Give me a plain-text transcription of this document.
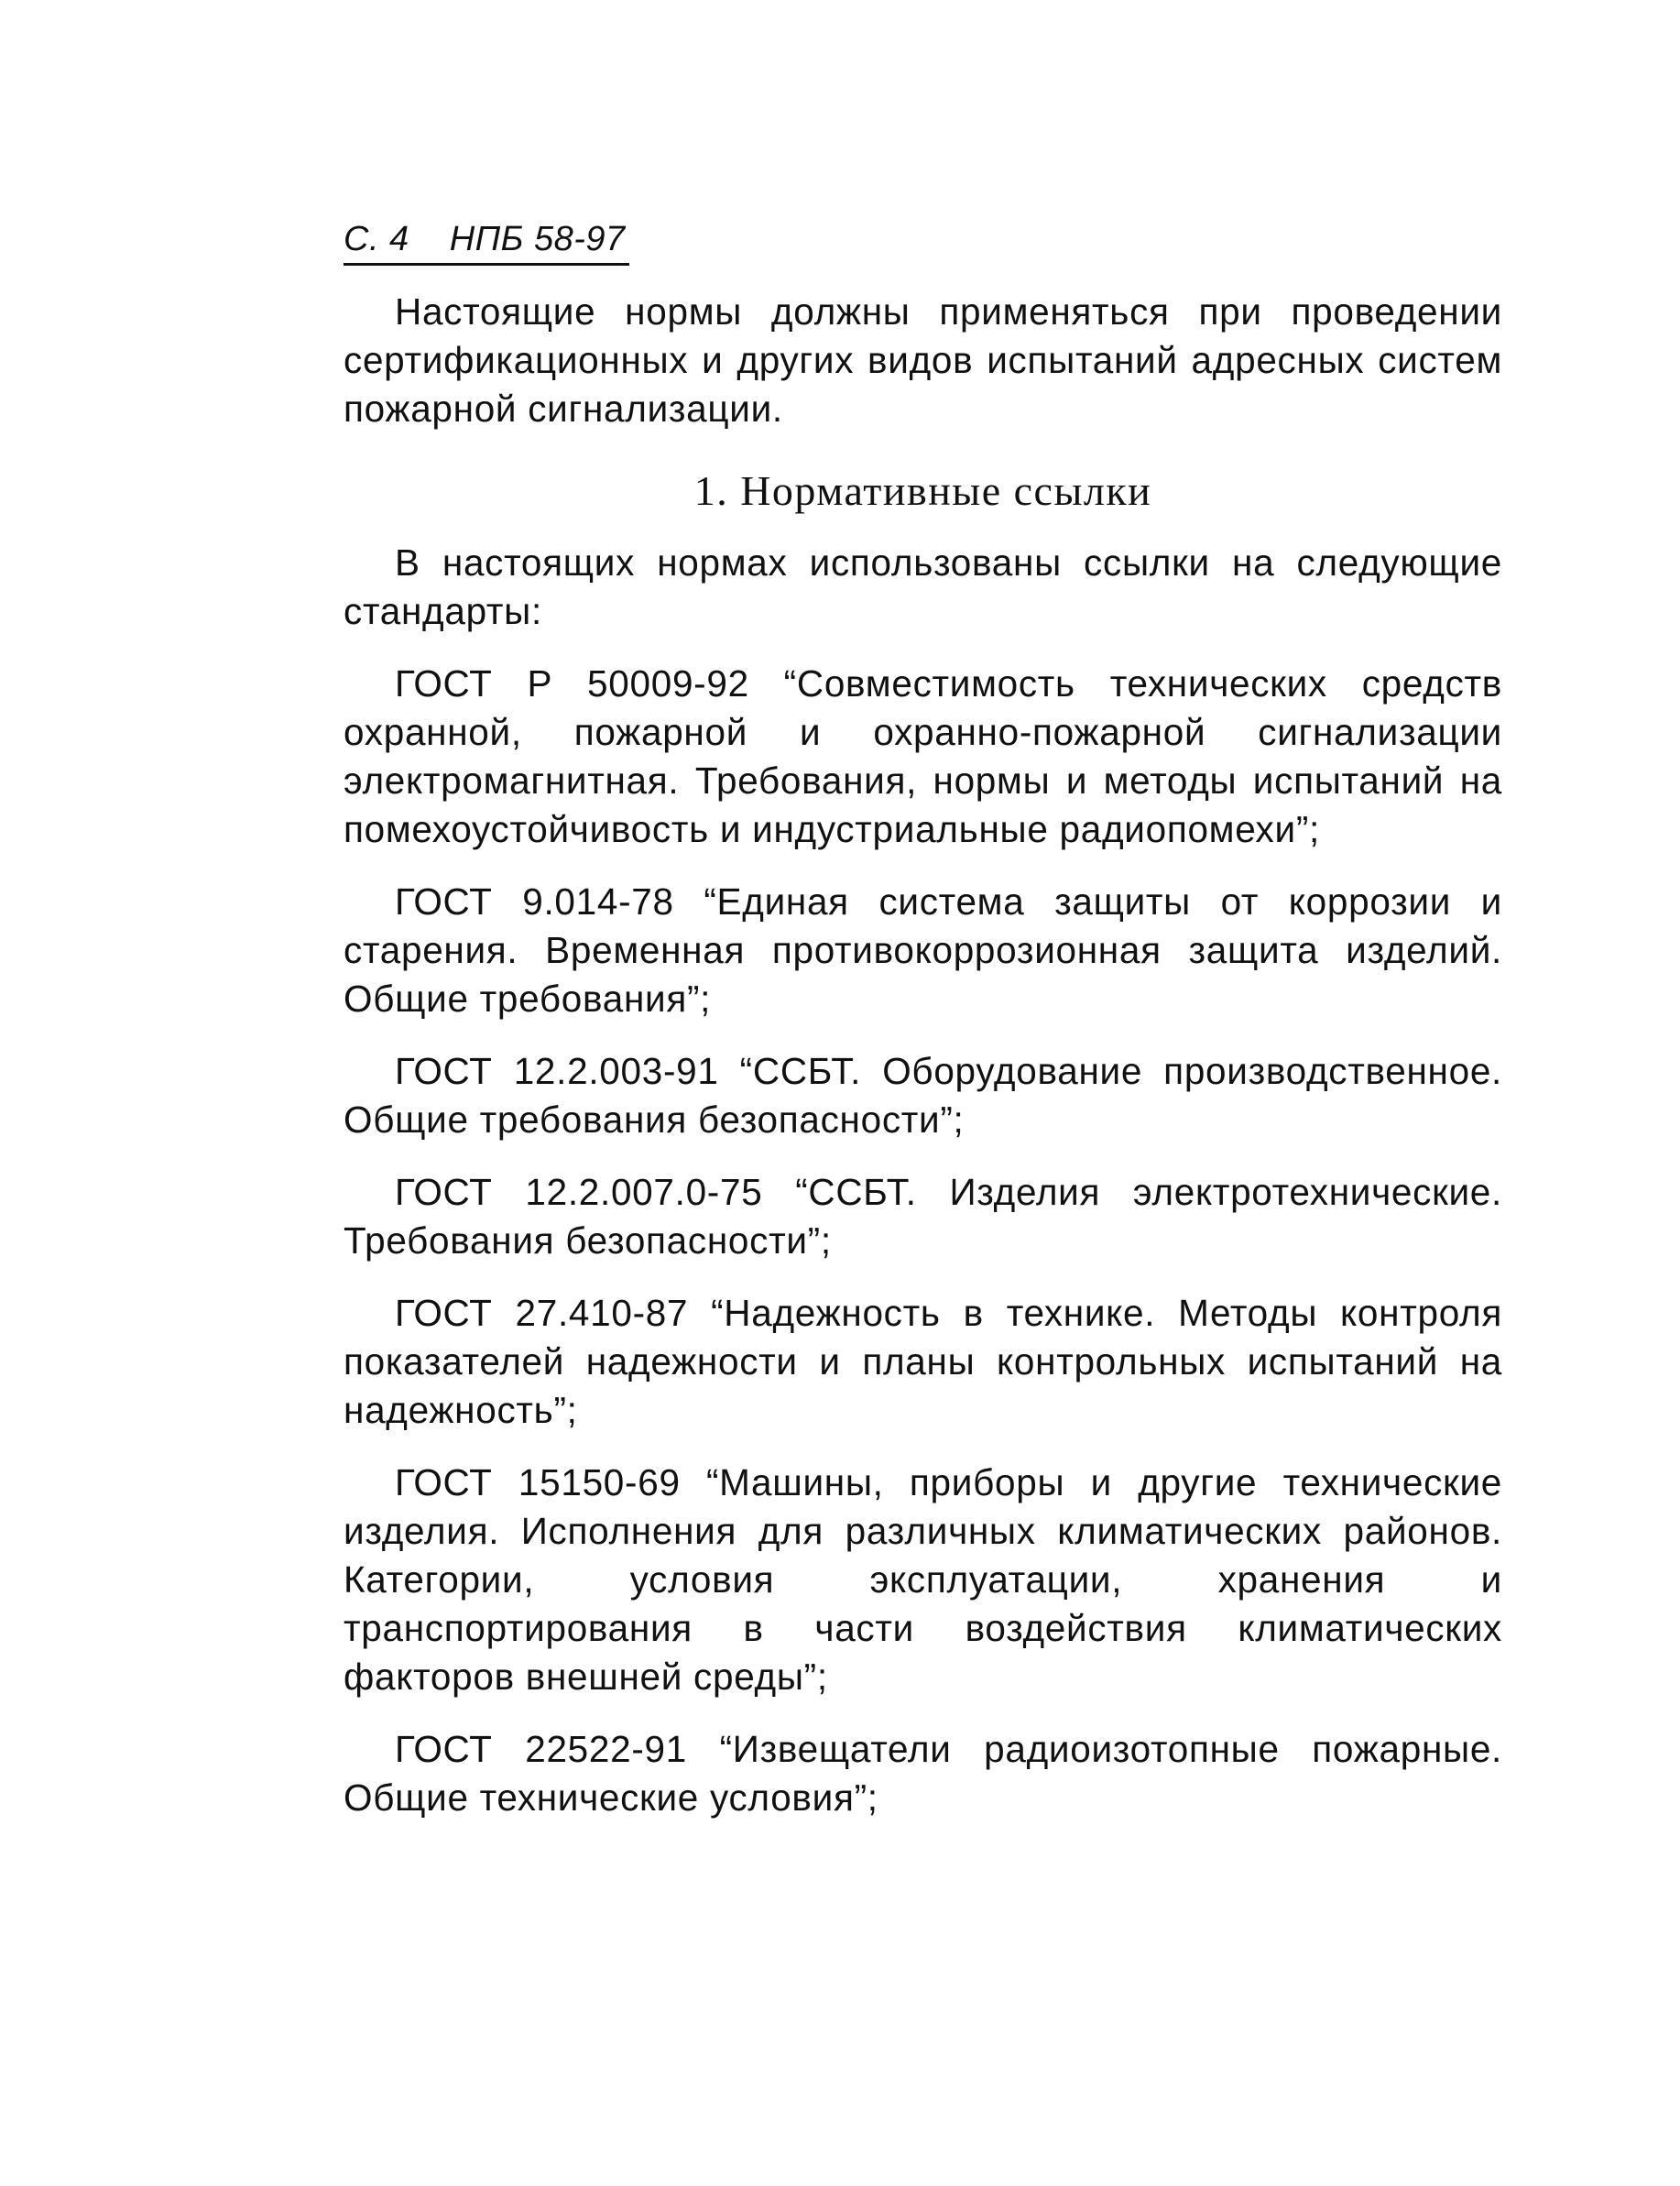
С. 4 НПБ 58-97

Настоящие нормы должны применяться при проведении сертификационных и других видов испытаний адресных систем пожарной сигнализации.

1. Нормативные ссылки

В настоящих нормах использованы ссылки на следующие стандарты:

ГОСТ Р 50009-92 “Совместимость технических средств охранной, пожарной и охранно-пожарной сигнализации электромагнитная. Требования, нормы и методы испытаний на помехоустойчивость и индустриальные радиопомехи”;

ГОСТ 9.014-78 “Единая система защиты от коррозии и старения. Временная противокоррозионная защита изделий. Общие требования”;

ГОСТ 12.2.003-91 “ССБТ. Оборудование производственное. Общие требования безопасности”;

ГОСТ 12.2.007.0-75 “ССБТ. Изделия электротехнические. Требования безопасности”;

ГОСТ 27.410-87 “Надежность в технике. Методы контроля показателей надежности и планы контрольных испытаний на надежность”;

ГОСТ 15150-69 “Машины, приборы и другие технические изделия. Исполнения для различных климатических районов. Категории, условия эксплуатации, хранения и транспортирования в части воздействия климатических факторов внешней среды”;

ГОСТ 22522-91 “Извещатели радиоизотопные пожарные. Общие технические условия”;
